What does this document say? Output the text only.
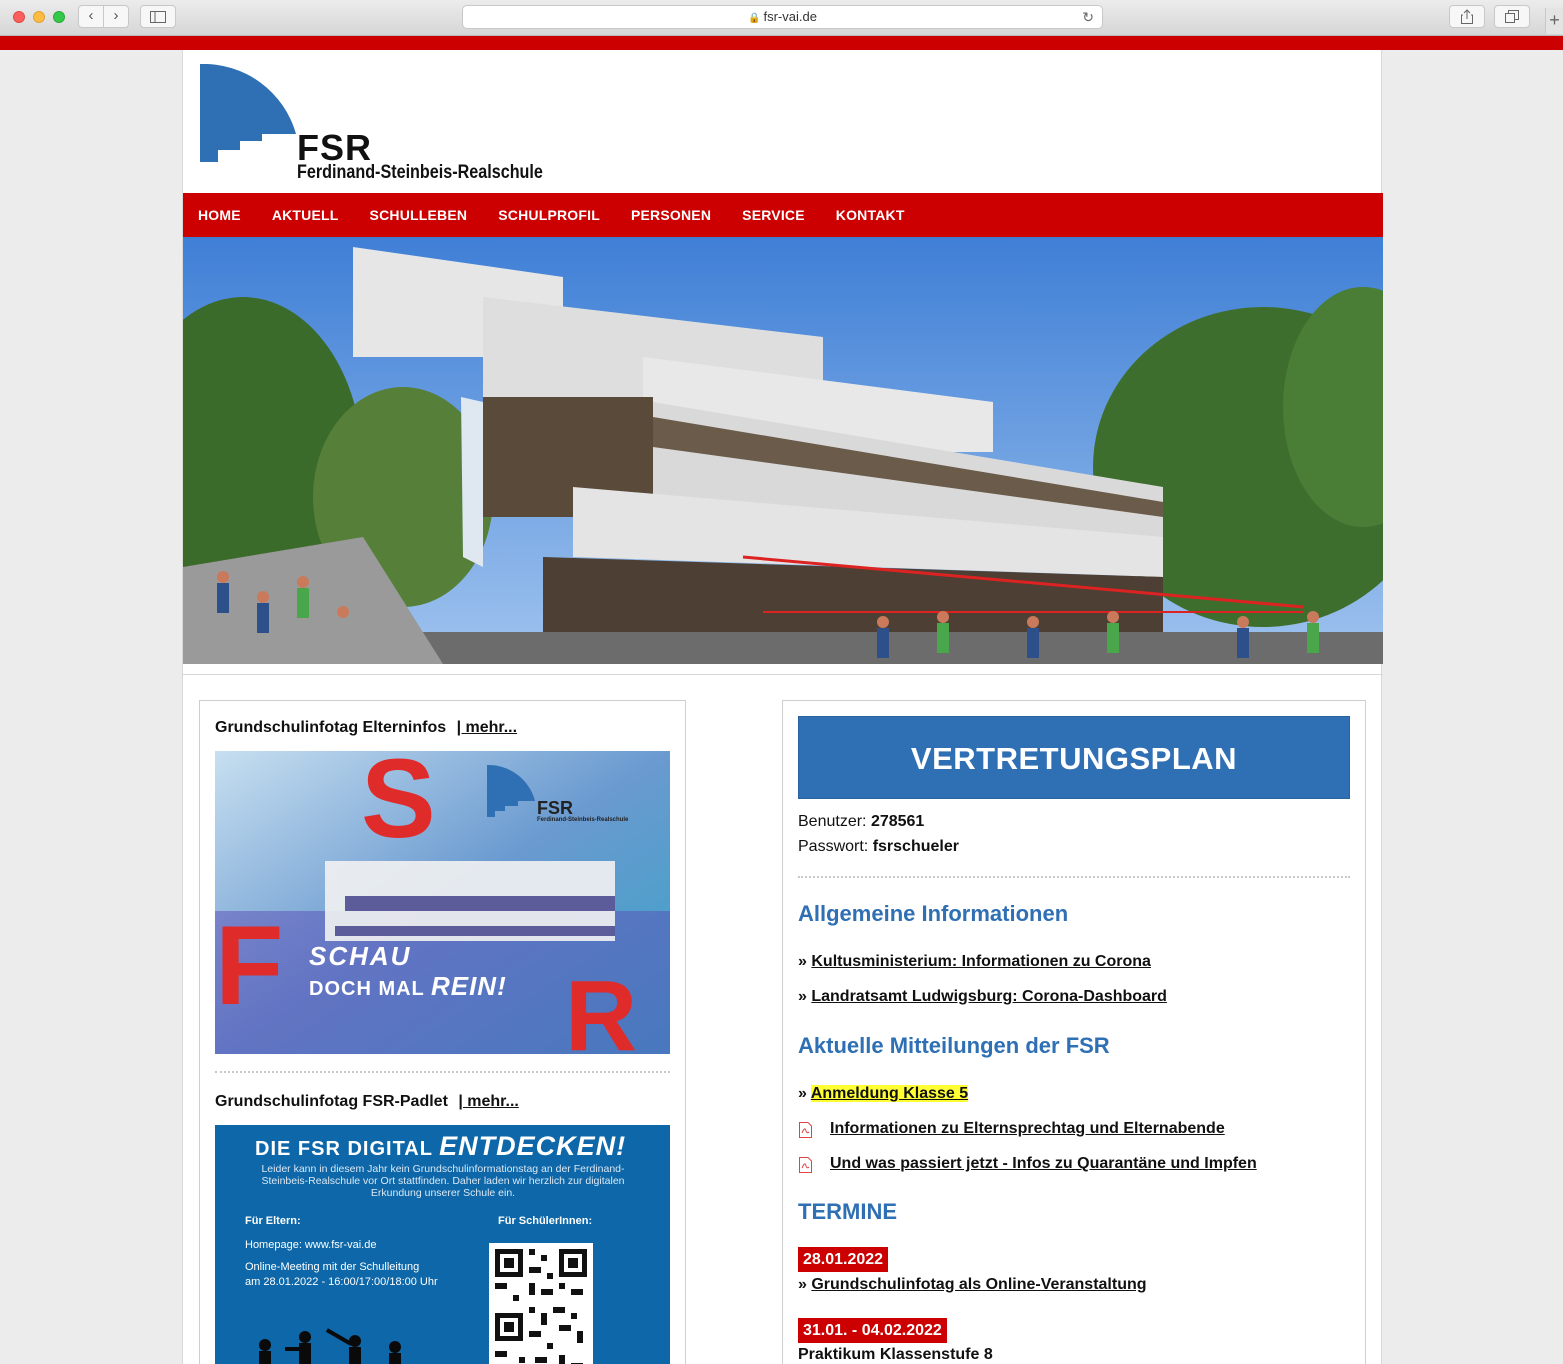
‹	›	🔒 fsr-vai.de	↻	+
FSR
Ferdinand-Steinbeis-Realschule
HOME AKTUELL SCHULLEBEN SCHULPROFIL PERSONEN SERVICE KONTAKT
Grundschulinfotag Elterninfos | mehr...
S
F	R
FSR
Ferdinand-Steinbeis-Realschule
SCHAU
DOCH MAL REIN!
Grundschulinfotag FSR-Padlet | mehr...
DIE FSR DIGITAL ENTDECKEN!
Leider kann in diesem Jahr kein Grundschulinformationstag an der Ferdinand-Steinbeis-Realschule vor Ort stattfinden. Daher laden wir herzlich zur digitalen Erkundung unserer Schule ein.
Für Eltern:
Homepage: www.fsr-vai.de
Online-Meeting mit der Schulleitung
am 28.01.2022 - 16:00/17:00/18:00 Uhr
Für SchülerInnen:
VERTRETUNGSPLAN
Benutzer: 278561
Passwort: fsrschueler
Allgemeine Informationen
» Kultusministerium: Informationen zu Corona
» Landratsamt Ludwigsburg: Corona-Dashboard
Aktuelle Mitteilungen der FSR
» Anmeldung Klasse 5
Informationen zu Elternsprechtag und Elternabende
Und was passiert jetzt - Infos zu Quarantäne und Impfen
TERMINE
28.01.2022
» Grundschulinfotag als Online-Veranstaltung
31.01. - 04.02.2022
Praktikum Klassenstufe 8
